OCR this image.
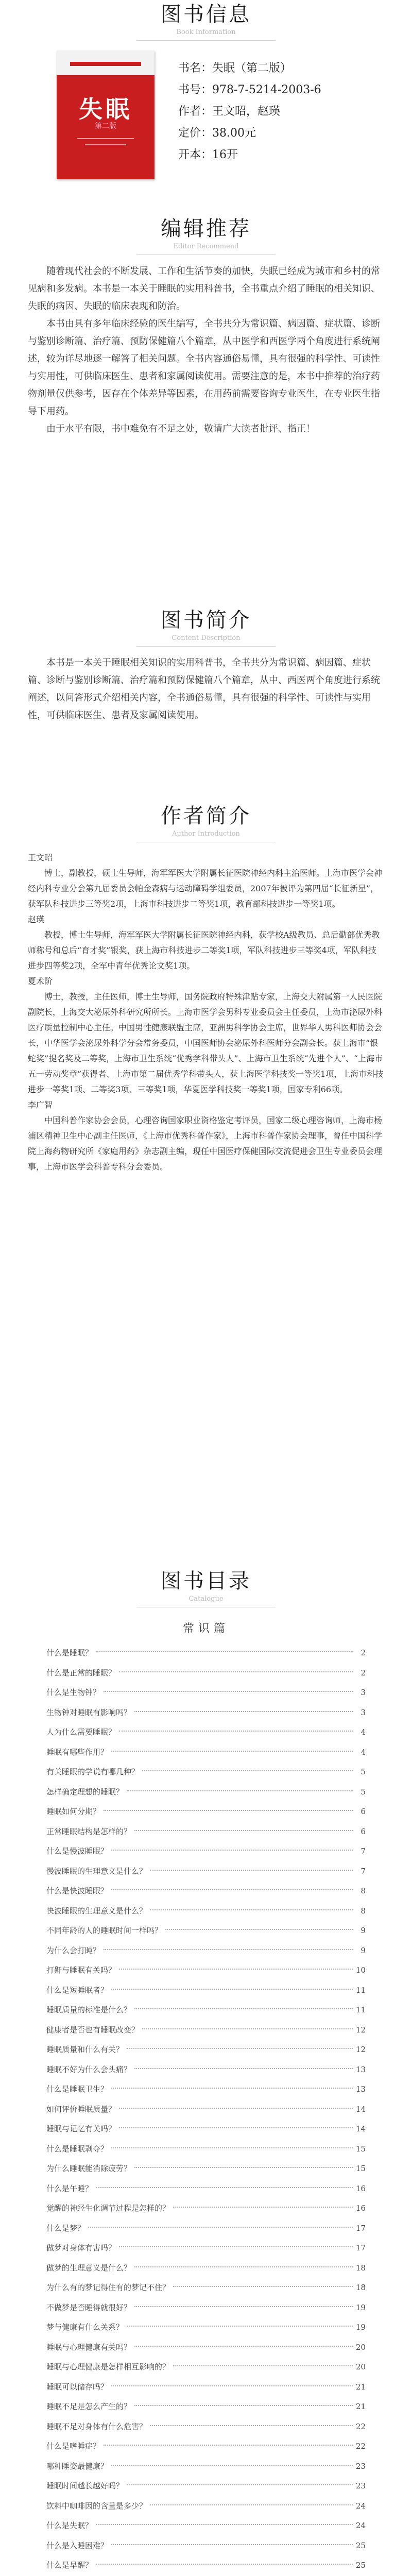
图书信息
Book Information
失眠
第二版
书名： 失眠（第二版）
书号： 978-7-5214-2003-6
作者： 王文昭，赵瑛
定价： 38.00元
开本： 16开
编辑推荐
Editor Recommend

随着现代社会的不断发展、工作和生活节奏的加快，失眠已经成为城市和乡村的常见病和多发病。本书是一本关于睡眠的实用科普书，全书重点介绍了睡眠的相关知识、失眠的病因、失眠的临床表现和防治。

本书由具有多年临床经验的医生编写，全书共分为常识篇、病因篇、症状篇、诊断与鉴别诊断篇、治疗篇、预防保健篇八个篇章，从中医学和西医学两个角度进行系统阐述，较为详尽地逐一解答了相关问题。全书内容通俗易懂，具有很强的科学性、可读性与实用性，可供临床医生、患者和家属阅读使用。需要注意的是，本书中推荐的治疗药物剂量仅供参考，因存在个体差异等因素，在用药前需要咨询专业医生，在专业医生指导下用药。

由于水平有限，书中难免有不足之处，敬请广大读者批评、指正！

图书简介
Content Description

本书是一本关于睡眠相关知识的实用科普书，全书共分为常识篇、病因篇、症状篇、诊断与鉴别诊断篇、治疗篇和预防保健篇八个篇章，从中、西医两个角度进行系统阐述，以问答形式介绍相关内容，全书通俗易懂，具有很强的科学性、可读性与实用性，可供临床医生、患者及家属阅读使用。

作者简介
Author Introduction

王文昭

博士，副教授，硕士生导师，海军军医大学附属长征医院神经内科主治医师。上海市医学会神经内科专业分会第九届委员会帕金森病与运动障碍学组委员，2007年被评为第四届“长征新星”，获军队科技进步三等奖2项，上海市科技进步二等奖1项，教育部科技进步一等奖1项。

赵瑛

教授，博士生导师，海军军医大学附属长征医院神经内科，获学校A级教员、总后勤部优秀教师称号和总后“育才奖”银奖，获上海市科技进步二等奖1项，军队科技进步三等奖4项，军队科技进步四等奖2项，全军中青年优秀论文奖1项。

夏术阶

博士，教授，主任医师，博士生导师，国务院政府特殊津贴专家，上海交大附属第一人民医院副院长，上海交大泌尿外科研究所所长。上海市医学会男科专业委员会主任委员，上海市泌尿外科医疗质量控制中心主任。中国男性健康联盟主席，亚洲男科学协会主席，世界华人男科医师协会会长，中华医学会泌尿外科学分会常务委员，中国医师协会泌尿外科医师分会副会长。获上海市“银蛇奖”提名奖及二等奖，上海市卫生系统“优秀学科带头人”、上海市卫生系统“先进个人”、“上海市五一劳动奖章”获得者、上海市第二届优秀学科带头人，获上海医学科技奖一等奖1项，上海市科技进步一等奖1项、二等奖3项、三等奖1项，华夏医学科技奖一等奖1项，国家专利66项。

李广智

中国科普作家协会会员，心理咨询国家职业资格鉴定考评员，国家二级心理咨询师，上海市杨浦区精神卫生中心副主任医师，《上海市优秀科普作家》，上海市科普作家协会理事，曾任中国科学院上海药物研究所《家庭用药》杂志副主编，现任中国医疗保健国际交流促进会卫生专业委员会理事，上海市医学会科普专科分会委员。

图书目录
Catalogue
常识篇
什么是睡眠？	2
什么是正常的睡眠？	2
什么是生物钟？	3
生物钟对睡眠有影响吗？	3
人为什么需要睡眠？	4
睡眠有哪些作用？	4
有关睡眠的学说有哪几种？	5
怎样确定理想的睡眠？	5
睡眠如何分期？	6
正常睡眠结构是怎样的？	6
什么是慢波睡眠？	7
慢波睡眠的生理意义是什么？	7
什么是快波睡眠？	8
快波睡眠的生理意义是什么？	8
不同年龄的人的睡眠时间一样吗？	9
为什么会打盹？	9
打鼾与睡眠有关吗？	10
什么是短睡眠者？	11
睡眠质量的标准是什么？	11
健康者是否也有睡眠改变？	12
睡眠质量和什么有关？	12
睡眠不好为什么会头痛？	13
什么是睡眠卫生？	13
如何评价睡眠质量？	14
睡眠与记忆有关吗？	14
什么是睡眠剥夺？	15
为什么睡眠能消除疲劳？	15
什么是午睡？	16
觉醒的神经生化调节过程是怎样的？	16
什么是梦？	17
做梦对身体有害吗？	17
做梦的生理意义是什么？	18
为什么有的梦记得住有的梦记不住？	18
不做梦是否睡得就很好？	19
梦与健康有什么关系？	19
睡眠与心理健康有关吗？	20
睡眠与心理健康是怎样相互影响的？	20
睡眠可以储存吗？	21
睡眠不足是怎么产生的？	21
睡眠不足对身体有什么危害？	22
什么是嗜睡症？	22
哪种睡姿最健康？	23
睡眠时间越长越好吗？	23
饮料中咖啡因的含量是多少？	24
什么是失眠？	24
什么是入睡困难？	25
什么是早醒？	25
